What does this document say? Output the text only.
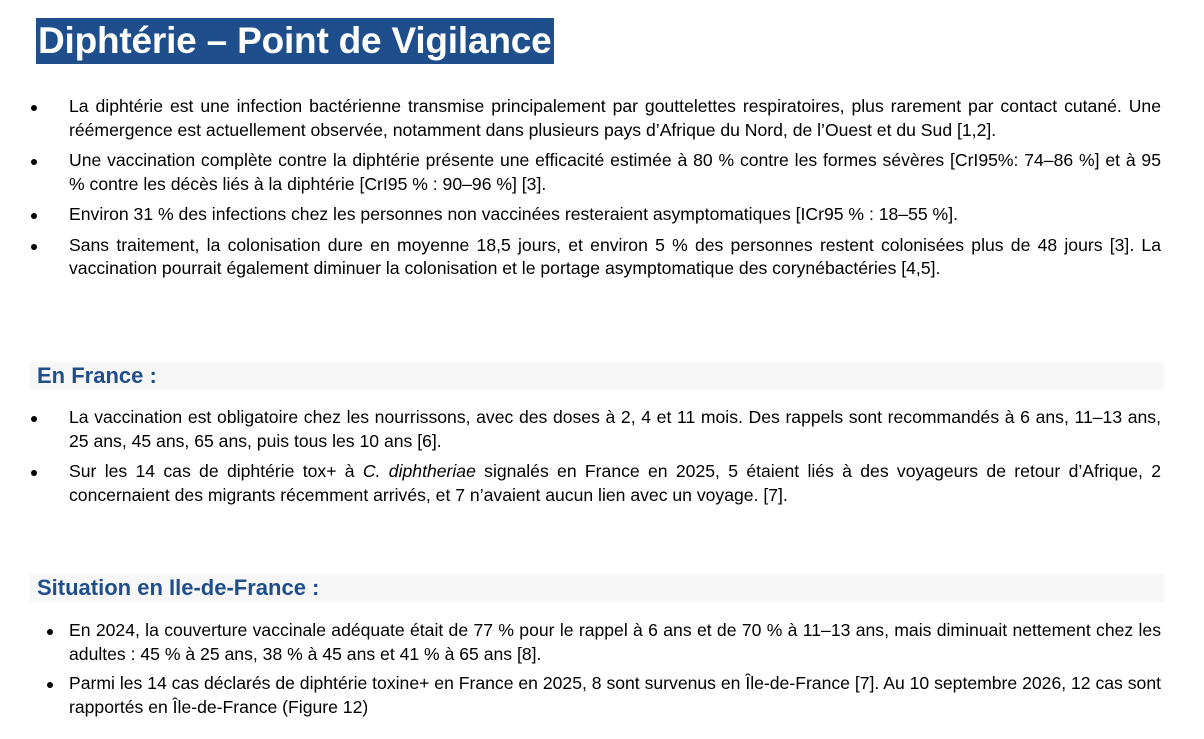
Diphtérie – Point de Vigilance
La diphtérie est une infection bactérienne transmise principalement par gouttelettes respiratoires, plus rarement par contact cutané. Une réémergence est actuellement observée, notamment dans plusieurs pays d’Afrique du Nord, de l’Ouest et du Sud [1,2].
Une vaccination complète contre la diphtérie présente une efficacité estimée à 80 % contre les formes sévères [CrI95%: 74–86 %] et à 95 % contre les décès liés à la diphtérie [CrI95 % : 90–96 %] [3].
Environ 31 % des infections chez les personnes non vaccinées resteraient asymptomatiques [ICr95 % : 18–55 %].
Sans traitement, la colonisation dure en moyenne 18,5 jours, et environ 5 % des personnes restent colonisées plus de 48 jours [3]. La vaccination pourrait également diminuer la colonisation et le portage asymptomatique des corynébactéries [4,5].
En France :
La vaccination est obligatoire chez les nourrissons, avec des doses à 2, 4 et 11 mois. Des rappels sont recommandés à 6 ans, 11–13 ans, 25 ans, 45 ans, 65 ans, puis tous les 10 ans [6].
Sur les 14 cas de diphtérie tox+ à C. diphtheriae signalés en France en 2025, 5 étaient liés à des voyageurs de retour d’Afrique, 2 concernaient des migrants récemment arrivés, et 7 n’avaient aucun lien avec un voyage. [7].
Situation en Ile-de-France :
En 2024, la couverture vaccinale adéquate était de 77 % pour le rappel à 6 ans et de 70 % à 11–13 ans, mais diminuait nettement chez les adultes : 45 % à 25 ans, 38 % à 45 ans et 41 % à 65 ans [8].
Parmi les 14 cas déclarés de diphtérie toxine+ en France en 2025, 8 sont survenus en Île-de-France [7]. Au 10 septembre 2026, 12 cas sont rapportés en Île-de-France (Figure 12)
